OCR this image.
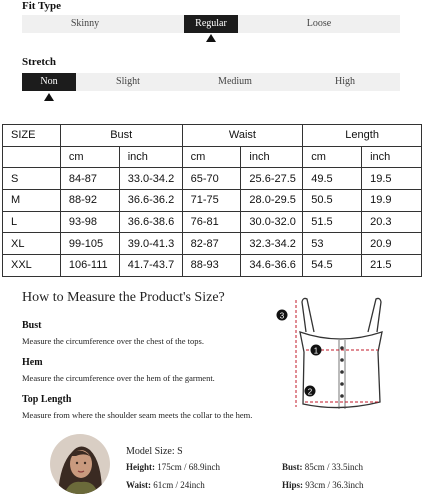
Fit Type
Skinny	Regular	Loose
Stretch
Non	Slight	Medium	High
SIZE	Bust		Waist		Length	
	cm	inch	cm	inch	cm	inch
S	84-87	33.0-34.2	65-70	25.6-27.5	49.5	19.5
M	88-92	36.6-36.2	71-75	28.0-29.5	50.5	19.9
L	93-98	36.6-38.6	76-81	30.0-32.0	51.5	20.3
XL	99-105	39.0-41.3	82-87	32.3-34.2	53	20.9
XXL	106-111	41.7-43.7	88-93	34.6-36.6	54.5	21.5
How to Measure the Product's Size?
Bust
Measure the circumference over the chest of the tops.
Hem
Measure the circumference over the hem of the garment.
Top Length
Measure from where the shoulder seam meets the collar to the hem.
1
2
3
Model Size: S
Height: 175cm / 68.9inch	Bust: 85cm / 33.5inch
Waist: 61cm / 24inch	Hips: 93cm / 36.3inch
